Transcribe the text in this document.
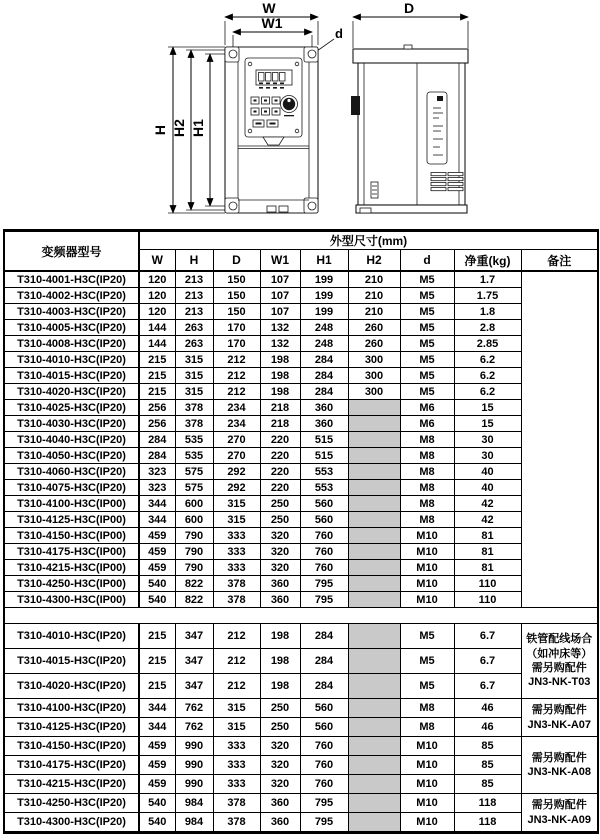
W
W1
d
H H2 H1
D
变频器型号	外型尺寸(mm)								
	W	H	D	W1	H1	H2	d	净重(kg)	备注
T310-4001-H3C(IP20)	120	213	150	107	199	210	M5	1.7	
T310-4002-H3C(IP20)	120	213	150	107	199	210	M5	1.75	
T310-4003-H3C(IP20)	120	213	150	107	199	210	M5	1.8	
T310-4005-H3C(IP20)	144	263	170	132	248	260	M5	2.8	
T310-4008-H3C(IP20)	144	263	170	132	248	260	M5	2.85	
T310-4010-H3C(IP20)	215	315	212	198	284	300	M5	6.2	
T310-4015-H3C(IP20)	215	315	212	198	284	300	M5	6.2	
T310-4020-H3C(IP20)	215	315	212	198	284	300	M5	6.2	
T310-4025-H3C(IP20)	256	378	234	218	360		M6	15	
T310-4030-H3C(IP20)	256	378	234	218	360		M6	15	
T310-4040-H3C(IP20)	284	535	270	220	515		M8	30	
T310-4050-H3C(IP20)	284	535	270	220	515		M8	30	
T310-4060-H3C(IP20)	323	575	292	220	553		M8	40	
T310-4075-H3C(IP20)	323	575	292	220	553		M8	40	
T310-4100-H3C(IP00)	344	600	315	250	560		M8	42	
T310-4125-H3C(IP00)	344	600	315	250	560		M8	42	
T310-4150-H3C(IP00)	459	790	333	320	760		M10	81	
T310-4175-H3C(IP00)	459	790	333	320	760		M10	81	
T310-4215-H3C(IP00)	459	790	333	320	760		M10	81	
T310-4250-H3C(IP00)	540	822	378	360	795		M10	110	
T310-4300-H3C(IP00)	540	822	378	360	795		M10	110	

T310-4010-H3C(IP20)	215	347	212	198	284		M5	6.7	铁管配线场合
（如冲床等）
需另购配件
JN3-NK-T03

T310-4015-H3C(IP20)	215	347	212	198	284		M5	6.7	
T310-4020-H3C(IP20)	215	347	212	198	284		M5	6.7	
T310-4100-H3C(IP20)	344	762	315	250	560		M8	46	需另购配件
JN3-NK-A07

T310-4125-H3C(IP20)	344	762	315	250	560		M8	46	
T310-4150-H3C(IP20)	459	990	333	320	760		M10	85	需另购配件
JN3-NK-A08

T310-4175-H3C(IP20)	459	990	333	320	760		M10	85	
T310-4215-H3C(IP20)	459	990	333	320	760		M10	85	
T310-4250-H3C(IP20)	540	984	378	360	795		M10	118	需另购配件
JN3-NK-A09

T310-4300-H3C(IP20)	540	984	378	360	795		M10	118	
